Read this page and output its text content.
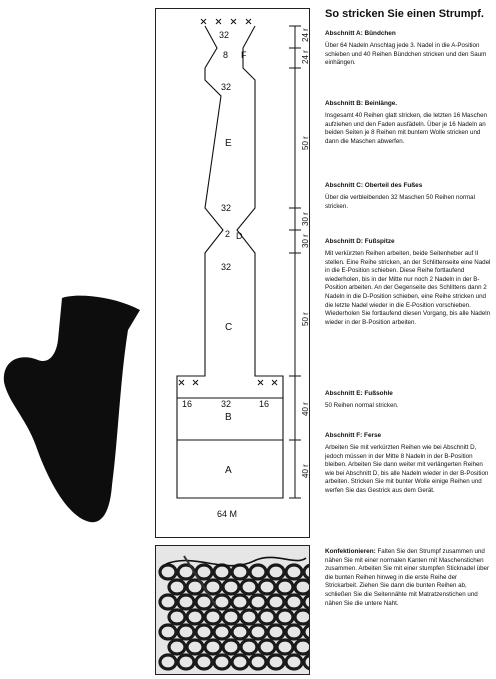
32
8 F
32
E
32
2 D
32
C
16	32	16
B
A
64 M
24 r
24 r
50 r
30 r
30 r
50 r
40 r
40 r
So stricken Sie einen Strumpf.

Abschnitt A: Bündchen

Über 64 Nadeln Anschlag jede 3. Nadel in die A-Position schieben und 40 Reihen Bündchen stricken und den Saum einhängen.

Abschnitt B: Beinlänge.

Insgesamt 40 Reihen glatt stricken, die letzten 16 Maschen aufziehen und den Faden ausfädeln. Über je 16 Nadeln an beiden Seiten je 8 Reihen mit buntem Wolle stricken und dann die Maschen abwerfen.

Abschnitt C: Oberteil des Fußes

Über die verbleibenden 32 Maschen 50 Reihen normal stricken.

Abschnitt D: Fußspitze

Mit verkürzten Reihen arbeiten, beide Seitenheber auf II stellen. Eine Reihe stricken, an der Schlittenseite eine Nadel in die E-Position schieben. Diese Reihe fortlaufend wiederholen, bis in der Mitte nur noch 2 Nadeln in der B-Position arbeiten. An der Gegenseite des Schlittens dann 2 Nadeln in die D-Position schieben, eine Reihe stricken und die letzte Nadel wieder in die E-Position vorschieben. Wiederholen Sie fortlaufend diesen Vorgang, bis alle Nadeln wieder in der B-Position arbeiten.

Abschnitt E: Fußsohle

50 Reihen normal stricken.

Abschnitt F: Ferse

Arbeiten Sie mit verkürzten Reihen wie bei Abschnitt D, jedoch müssen in der Mitte 8 Nadeln in der B-Position bleiben. Arbeiten Sie dann weiter mit verlängerten Reihen wie bei Abschnitt D, bis alle Nadeln wieder in der B-Position arbeiten. Stricken Sie mit bunter Wolle einige Reihen und werfen Sie das Gestrick aus dem Gerät.

Konfektionieren: Falten Sie den Strumpf zusammen und nähen Sie mit einer normalen Kanten mit Maschenstichen zusammen. Arbeiten Sie mit einer stumpfen Sticknadel über die bunten Reihen hinweg in die erste Reihe der Strickarbeit. Ziehen Sie dann die bunten Reihen ab, schließen Sie die Seitennähte mit Matratzenstichen und nähen Sie die untere Naht.
